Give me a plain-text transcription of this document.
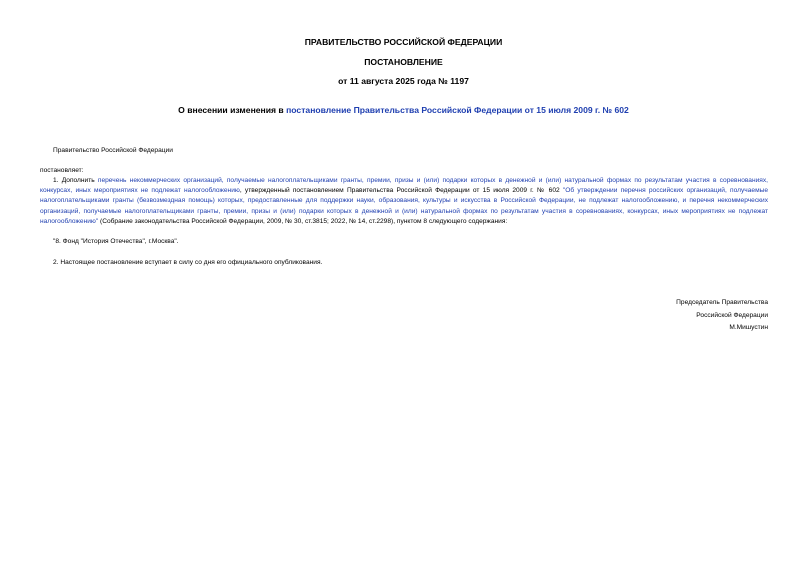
ПРАВИТЕЛЬСТВО РОССИЙСКОЙ ФЕДЕРАЦИИ
ПОСТАНОВЛЕНИЕ
от 11 августа 2025 года № 1197
О внесении изменения в постановление Правительства Российской Федерации от 15 июля 2009 г. № 602
Правительство Российской Федерации
постановляет:
1. Дополнить перечень некоммерческих организаций, получаемые налогоплательщиками гранты, премии, призы и (или) подарки которых в денежной и (или) натуральной формах по результатам участия в соревнованиях, конкурсах, иных мероприятиях не подлежат налогообложению, утвержденный постановлением Правительства Российской Федерации от 15 июля 2009 г. № 602 "Об утверждении перечня российских организаций, получаемые налогоплательщиками гранты (безвозмездная помощь) которых, предоставленные для поддержки науки, образования, культуры и искусства в Российской Федерации, не подлежат налогообложению, и перечня некоммерческих организаций, получаемые налогоплательщиками гранты, премии, призы и (или) подарки которых в денежной и (или) натуральной формах по результатам участия в соревнованиях, конкурсах, иных мероприятиях не подлежат налогообложению" (Собрание законодательства Российской Федерации, 2009, № 30, ст.3815; 2022, № 14, ст.2298), пунктом 8 следующего содержания:
"8. Фонд "История Отечества", г.Москва".
2. Настоящее постановление вступает в силу со дня его официального опубликования.
Председатель Правительства
Российской Федерации
М.Мишустин
